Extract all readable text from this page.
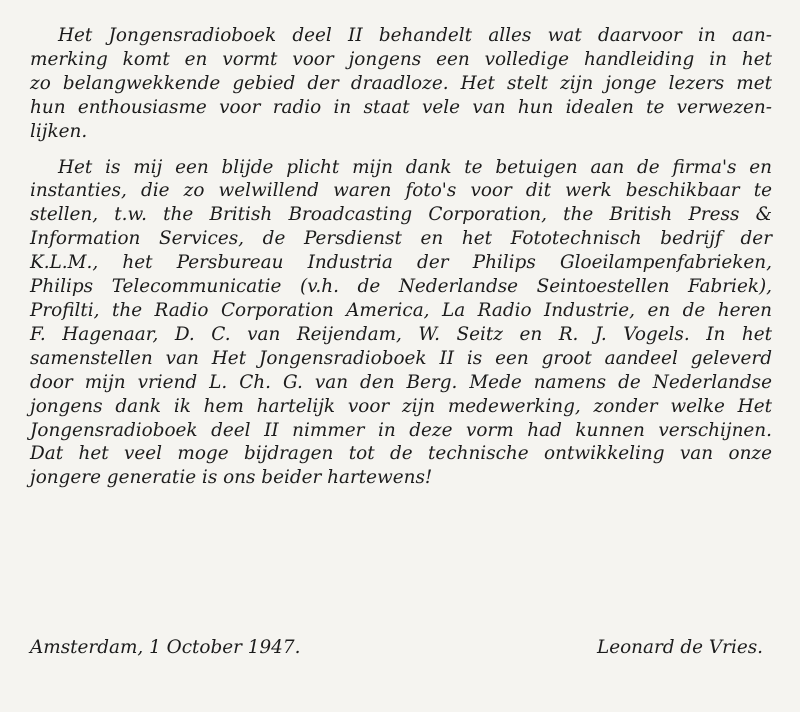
Het Jongensradioboek deel II behandelt alles wat daarvoor in aan-
merking komt en vormt voor jongens een volledige handleiding in het
zo belangwekkende gebied der draadloze. Het stelt zijn jonge lezers met
hun enthousiasme voor radio in staat vele van hun idealen te verwezen-
lijken.
Het is mij een blijde plicht mijn dank te betuigen aan de firma's en
instanties, die zo welwillend waren foto's voor dit werk beschikbaar te
stellen, t.w. the British Broadcasting Corporation, the British Press &
Information Services, de Persdienst en het Fototechnisch bedrijf der
K.L.M., het Persbureau Industria der Philips Gloeilampenfabrieken,
Philips Telecommunicatie (v.h. de Nederlandse Seintoestellen Fabriek),
Profilti, the Radio Corporation America, La Radio Industrie, en de heren
F. Hagenaar, D. C. van Reijendam, W. Seitz en R. J. Vogels. In het
samenstellen van Het Jongensradioboek II is een groot aandeel geleverd
door mijn vriend L. Ch. G. van den Berg. Mede namens de Nederlandse
jongens dank ik hem hartelijk voor zijn medewerking, zonder welke Het
Jongensradioboek deel II nimmer in deze vorm had kunnen verschijnen.
Dat het veel moge bijdragen tot de technische ontwikkeling van onze
jongere generatie is ons beider hartewens!
Amsterdam, 1 October 1947.	Leonard de Vries.
